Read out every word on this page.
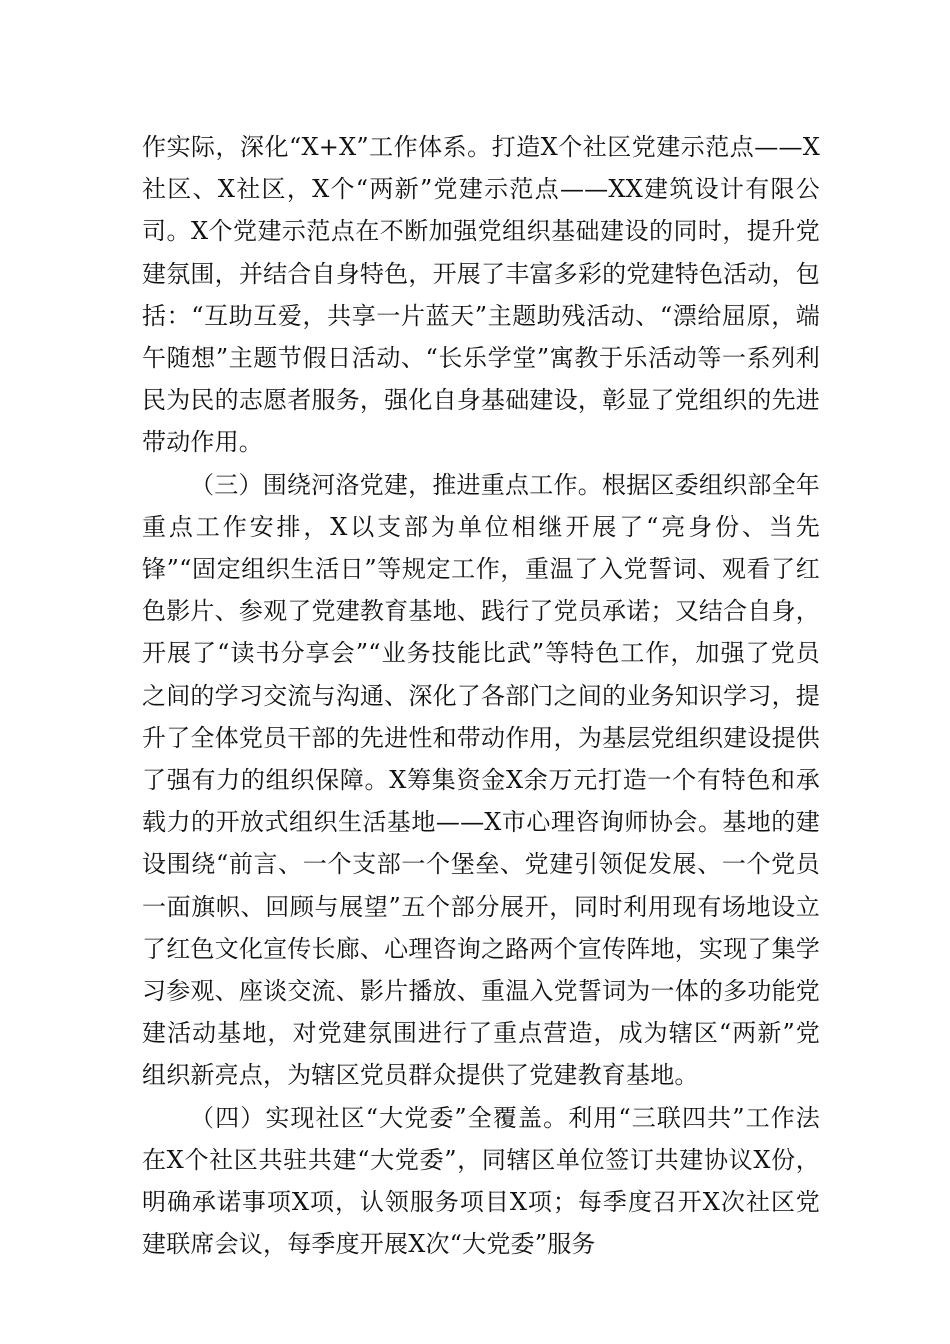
作实际，深化“X+X”工作体系。打造X个社区党建示范点——X社区、X社区，X个“两新”党建示范点——XX建筑设计有限公司。X个党建示范点在不断加强党组织基础建设的同时，提升党建氛围，并结合自身特色，开展了丰富多彩的党建特色活动，包括：“互助互爱，共享一片蓝天”主题助残活动、“漂给屈原，端午随想”主题节假日活动、“长乐学堂”寓教于乐活动等一系列利民为民的志愿者服务，强化自身基础建设，彰显了党组织的先进带动作用。

（三）围绕河洛党建，推进重点工作。根据区委组织部全年重点工作安排，X以支部为单位相继开展了“亮身份、当先锋”“固定组织生活日”等规定工作，重温了入党誓词、观看了红色影片、参观了党建教育基地、践行了党员承诺；又结合自身，开展了“读书分享会”“业务技能比武”等特色工作，加强了党员之间的学习交流与沟通、深化了各部门之间的业务知识学习，提升了全体党员干部的先进性和带动作用，为基层党组织建设提供了强有力的组织保障。X筹集资金X余万元打造一个有特色和承载力的开放式组织生活基地——X市心理咨询师协会。基地的建设围绕“前言、一个支部一个堡垒、党建引领促发展、一个党员一面旗帜、回顾与展望”五个部分展开，同时利用现有场地设立了红色文化宣传长廊、心理咨询之路两个宣传阵地，实现了集学习参观、座谈交流、影片播放、重温入党誓词为一体的多功能党建活动基地，对党建氛围进行了重点营造，成为辖区“两新”党组织新亮点，为辖区党员群众提供了党建教育基地。

（四）实现社区“大党委”全覆盖。利用“三联四共”工作法在X个社区共驻共建“大党委”，同辖区单位签订共建协议X份，明确承诺事项X项，认领服务项目X项；每季度召开X次社区党建联席会议，每季度开展X次“大党委”服务
